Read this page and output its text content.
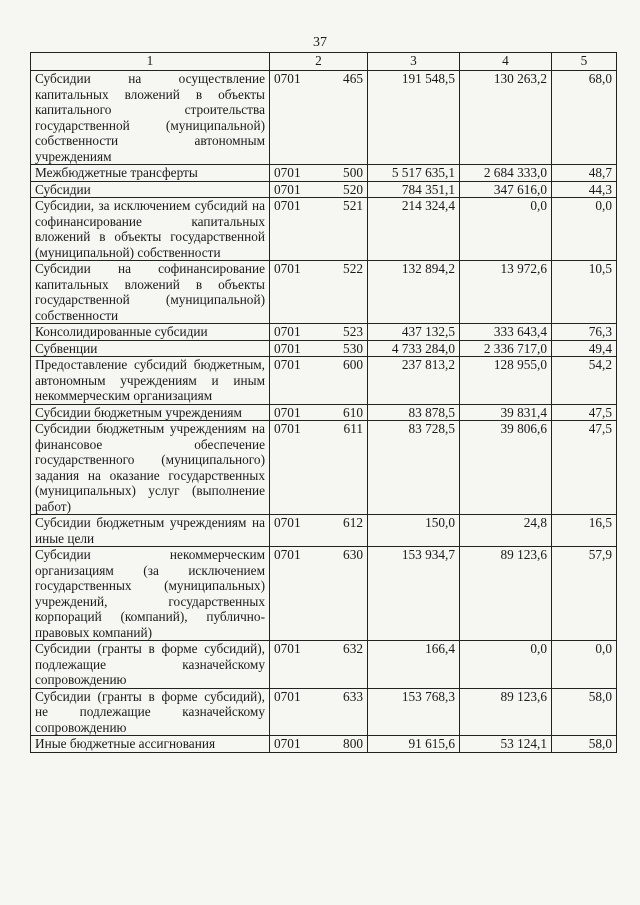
37
1	2	3	4	5
Субсидии на осуществление капитальных вложений в объекты капитального строительства государственной (муниципальной) собственности автономным учреждениям	0701 465	191 548,5	130 263,2	68,0
Межбюджетные трансферты	0701 500	5 517 635,1	2 684 333,0	48,7
Субсидии	0701 520	784 351,1	347 616,0	44,3
Субсидии, за исключением субсидий на софинансирование капитальных вложений в объекты государственной (муниципальной) собственности	0701 521	214 324,4	0,0	0,0
Субсидии на софинансирование капитальных вложений в объекты государственной (муниципальной) собственности	0701 522	132 894,2	13 972,6	10,5
Консолидированные субсидии	0701 523	437 132,5	333 643,4	76,3
Субвенции	0701 530	4 733 284,0	2 336 717,0	49,4
Предоставление субсидий бюджетным, автономным учреждениям и иным некоммерческим организациям	0701 600	237 813,2	128 955,0	54,2
Субсидии бюджетным учреждениям	0701 610	83 878,5	39 831,4	47,5
Субсидии бюджетным учреждениям на финансовое обеспечение государственного (муниципального) задания на оказание государственных (муниципальных) услуг (выполнение работ)	0701 611	83 728,5	39 806,6	47,5
Субсидии бюджетным учреждениям на иные цели	0701 612	150,0	24,8	16,5
Субсидии некоммерческим организациям (за исключением государственных (муниципальных) учреждений, государственных корпораций (компаний), публично-правовых компаний)	0701 630	153 934,7	89 123,6	57,9
Субсидии (гранты в форме субсидий), подлежащие казначейскому сопровождению	0701 632	166,4	0,0	0,0
Субсидии (гранты в форме субсидий), не подлежащие казначейскому сопровождению	0701 633	153 768,3	89 123,6	58,0
Иные бюджетные ассигнования	0701 800	91 615,6	53 124,1	58,0
